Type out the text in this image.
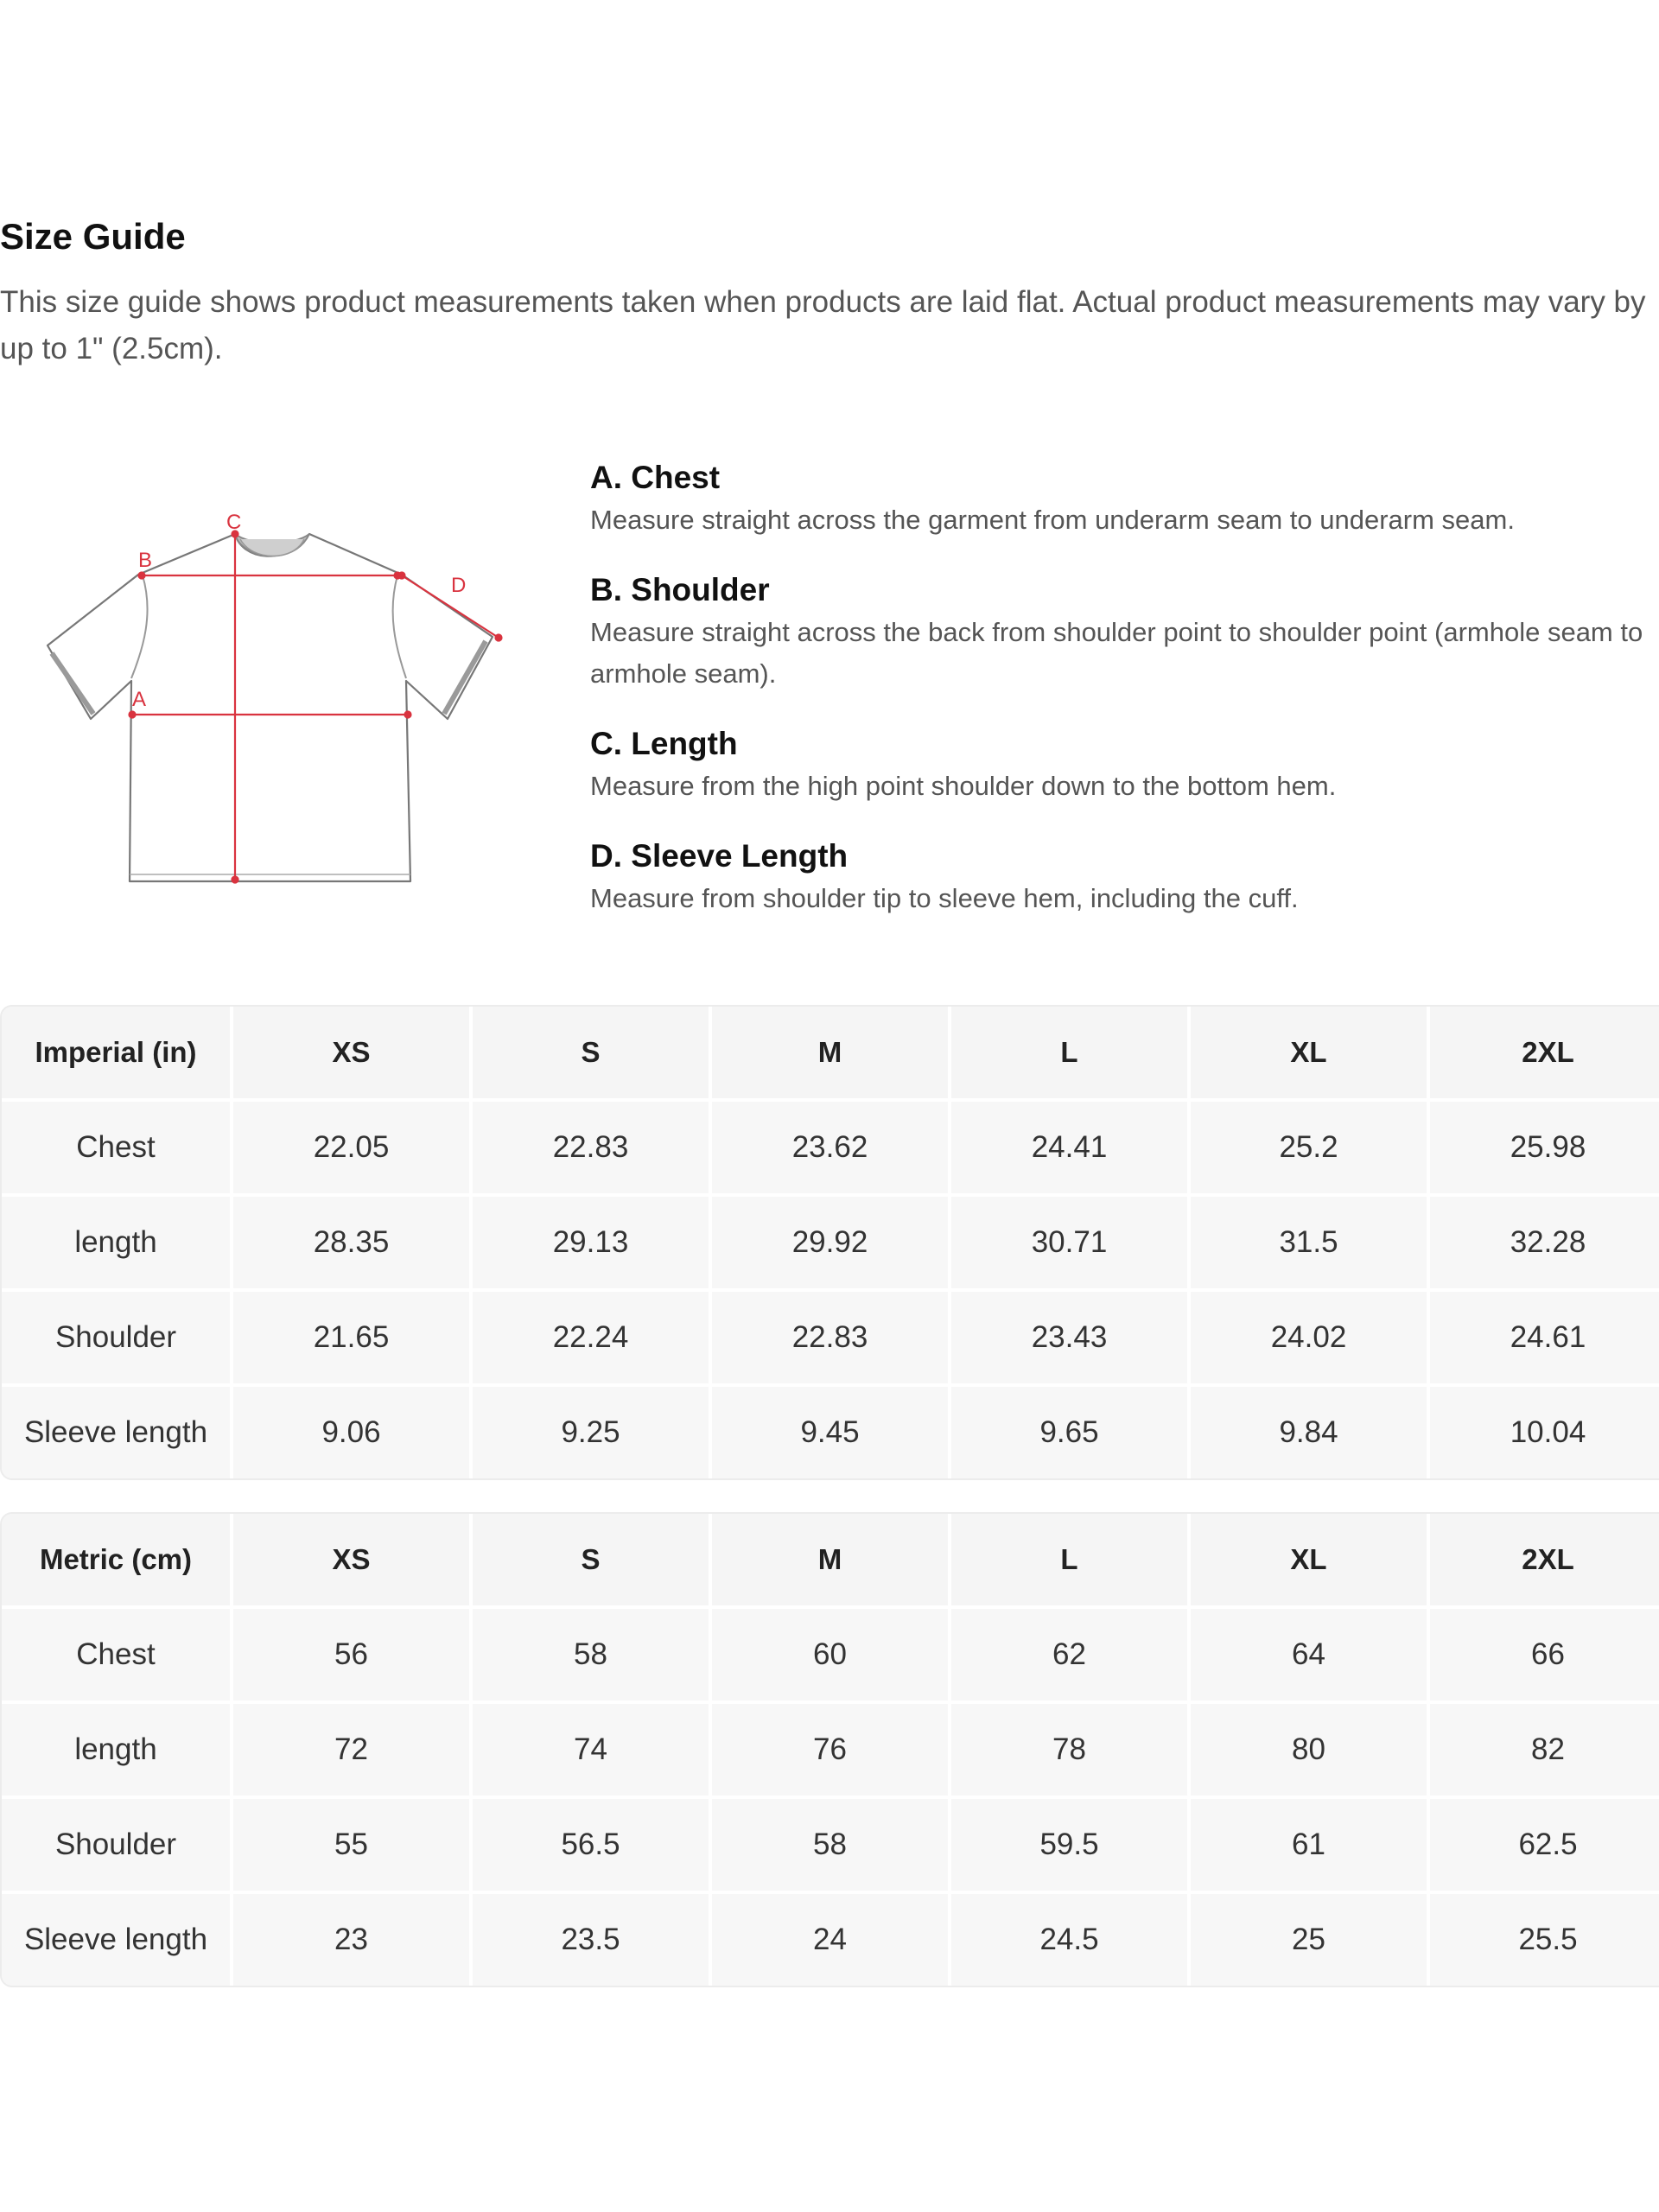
Size Guide
This size guide shows product measurements taken when products are laid flat. Actual product measurements may vary by up to 1" (2.5cm).
C
B
D
A
A. Chest
Measure straight across the garment from underarm seam to underarm seam.
B. Shoulder
Measure straight across the back from shoulder point to shoulder point (armhole seam to armhole seam).
C. Length
Measure from the high point shoulder down to the bottom hem.
D. Sleeve Length
Measure from shoulder tip to sleeve hem, including the cuff.
Imperial (in)	XS	S	M	L	XL	2XL
Chest	22.05	22.83	23.62	24.41	25.2	25.98
length	28.35	29.13	29.92	30.71	31.5	32.28
Shoulder	21.65	22.24	22.83	23.43	24.02	24.61
Sleeve length	9.06	9.25	9.45	9.65	9.84	10.04
Metric (cm)	XS	S	M	L	XL	2XL
Chest	56	58	60	62	64	66
length	72	74	76	78	80	82
Shoulder	55	56.5	58	59.5	61	62.5
Sleeve length	23	23.5	24	24.5	25	25.5
